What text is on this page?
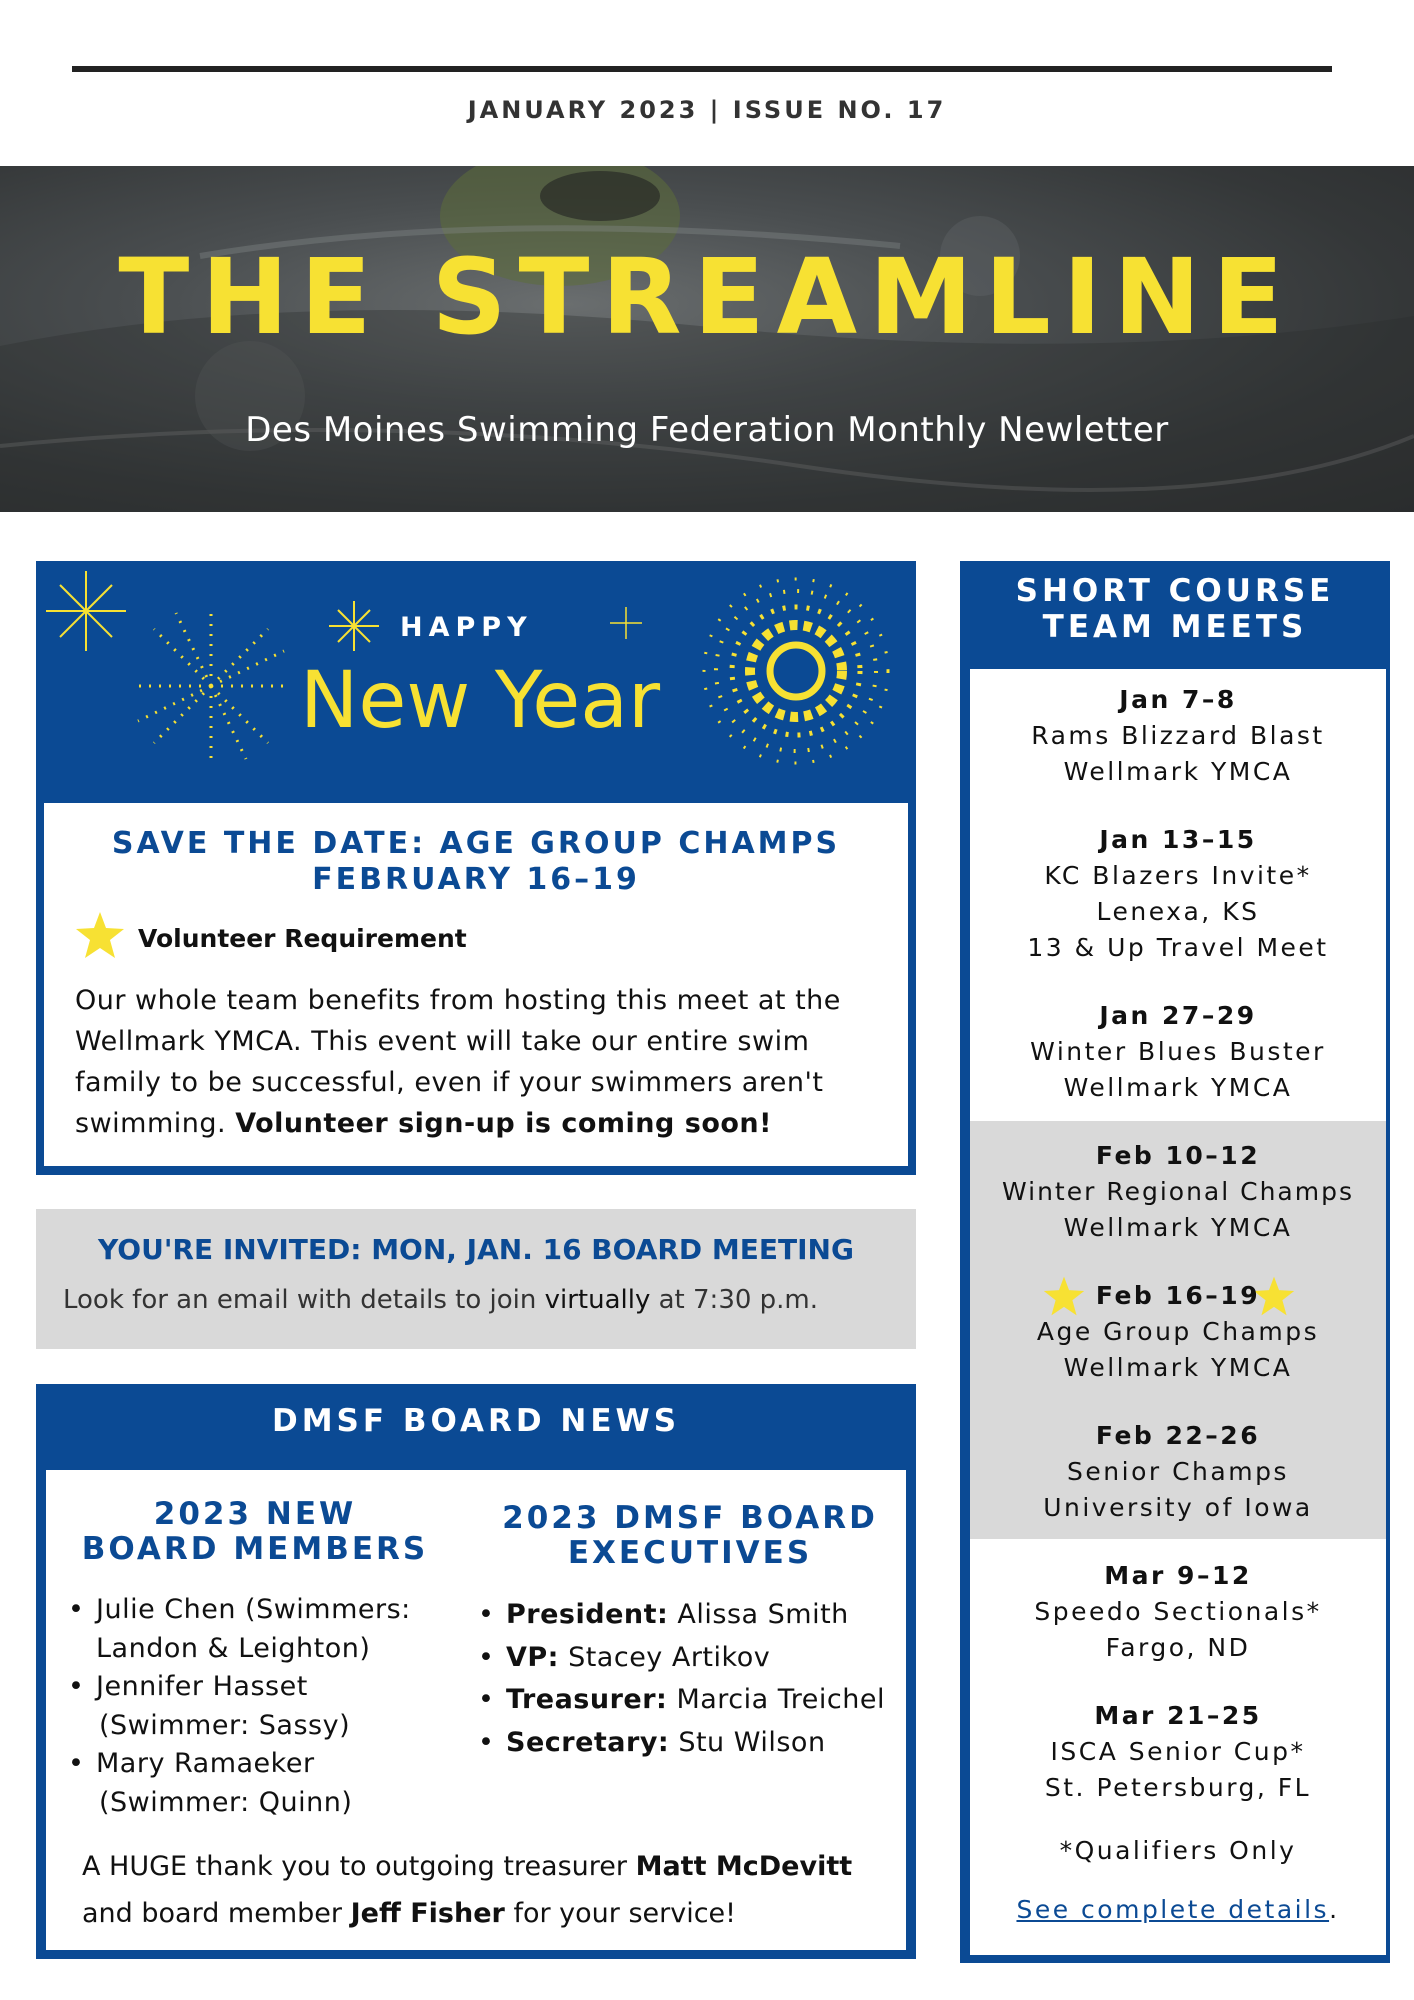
JANUARY 2023 | ISSUE NO. 17
THE STREAMLINE
Des Moines Swimming Federation Monthly Newletter
HAPPY
New Year
SAVE THE DATE: AGE GROUP CHAMPS
FEBRUARY 16–19
Volunteer Requirement
Our whole team benefits from hosting this meet at the Wellmark YMCA. This event will take our entire swim family to be successful, even if your swimmers aren't swimming. Volunteer sign-up is coming soon!
YOU'RE INVITED: MON, JAN. 16 BOARD MEETING
Look for an email with details to join virtually at 7:30 p.m.
DMSF BOARD NEWS
2023 NEW
BOARD MEMBERS
2023 DMSF BOARD
EXECUTIVES
• Julie Chen (Swimmers:
Landon & Leighton)
• Jennifer Hasset
(Swimmer: Sassy)
• Mary Ramaeker
(Swimmer: Quinn)
• President: Alissa Smith
• VP: Stacey Artikov
• Treasurer: Marcia Treichel
• Secretary: Stu Wilson
A HUGE thank you to outgoing treasurer Matt McDevitt
and board member Jeff Fisher for your service!
SHORT COURSE
TEAM MEETS
Jan 7–8
Rams Blizzard Blast
Wellmark YMCA
Jan 13–15
KC Blazers Invite*
Lenexa, KS
13 & Up Travel Meet
Jan 27–29
Winter Blues Buster
Wellmark YMCA
Feb 10–12
Winter Regional Champs
Wellmark YMCA
Feb 16–19
Age Group Champs
Wellmark YMCA
Feb 22–26
Senior Champs
University of Iowa
Mar 9–12
Speedo Sectionals*
Fargo, ND
Mar 21–25
ISCA Senior Cup*
St. Petersburg, FL
*Qualifiers Only
See complete details.
